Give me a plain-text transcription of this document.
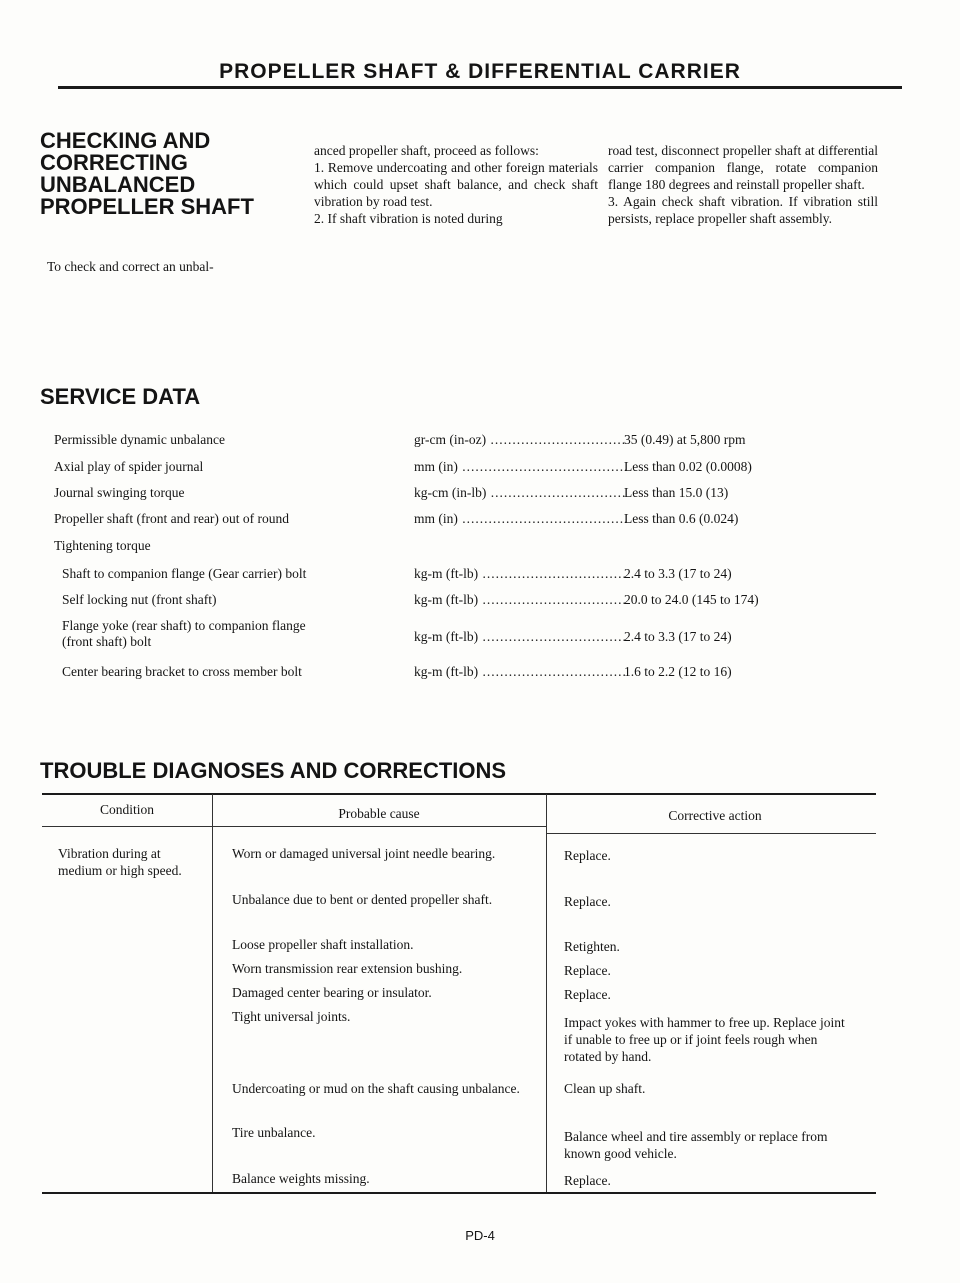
PROPELLER SHAFT & DIFFERENTIAL CARRIER
CHECKING AND
CORRECTING
UNBALANCED
PROPELLER SHAFT
To check and correct an unbal-

anced propeller shaft, proceed as follows:

1. Remove undercoating and other foreign materials which could upset shaft balance, and check shaft vibration by road test.

2. If shaft vibration is noted during

road test, disconnect propeller shaft at differential carrier companion flange, rotate companion flange 180 degrees and reinstall propeller shaft.

3. Again check shaft vibration. If vibration still persists, replace propeller shaft assembly.

SERVICE DATA
Permissible dynamic unbalance	gr-cm (in-oz) .....	35 (0.49) at 5,800 rpm
Axial play of spider journal	mm (in) .....	Less than 0.02 (0.0008)
Journal swinging torque	kg-cm (in-lb) .....	Less than 15.0 (13)
Propeller shaft (front and rear) out of round	mm (in) .....	Less than 0.6 (0.024)
Tightening torque
Shaft to companion flange (Gear carrier) bolt	kg-m (ft-lb) .....	2.4 to 3.3 (17 to 24)
Self locking nut (front shaft)	kg-m (ft-lb) .....	20.0 to 24.0 (145 to 174)
Flange yoke (rear shaft) to companion flange
(front shaft) bolt	kg-m (ft-lb) .....	2.4 to 3.3 (17 to 24)
Center bearing bracket to cross member bolt	kg-m (ft-lb) .....	1.6 to 2.2 (12 to 16)
TROUBLE DIAGNOSES AND CORRECTIONS
Condition	Probable cause	Corrective action
Vibration during at medium or high speed.
Worn or damaged universal joint needle bearing.	Replace.
Unbalance due to bent or dented propeller shaft.	Replace.
Loose propeller shaft installation.	Retighten.
Worn transmission rear extension bushing.	Replace.
Damaged center bearing or insulator.	Replace.
Tight universal joints.	Impact yokes with hammer to free up. Replace joint if unable to free up or if joint feels rough when rotated by hand.
Undercoating or mud on the shaft causing unbalance.	Clean up shaft.
Tire unbalance.	Balance wheel and tire assembly or replace from known good vehicle.
Balance weights missing.	Replace.
PD-4
